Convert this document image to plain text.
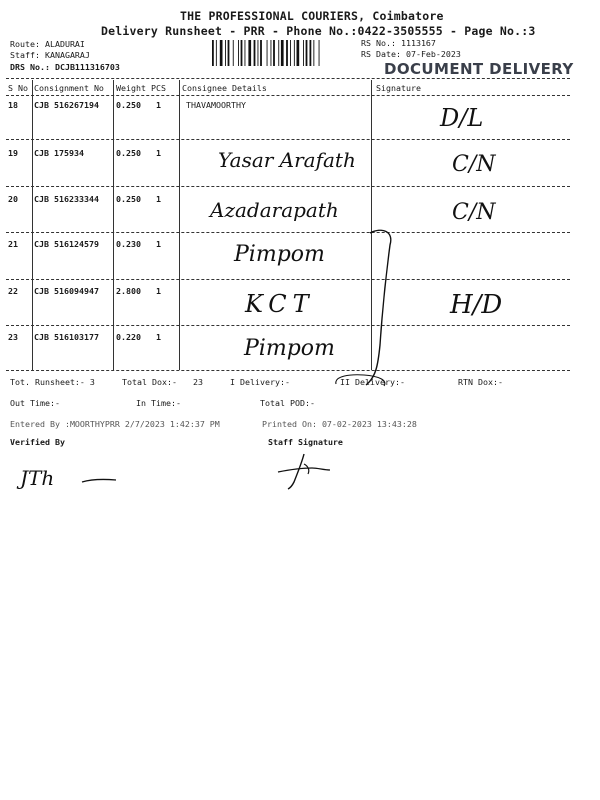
THE PROFESSIONAL COURIERS, Coimbatore
Delivery Runsheet - PRR - Phone No.:0422-3505555 - Page No.:3
Route: ALADURAI
Staff: KANAGARAJ
DRS No.: DCJB111316703
RS No.: 1113167
RS Date: 07-Feb-2023
DOCUMENT DELIVERY
S No Consignment No Weight PCS Consignee Details	Signature
18 CJB 516267194 0.250 1	THAVAMOORTHY	D/L
19 CJB 175934	0.250 1	Yasar Arafath	C/N
20 CJB 516233344 0.250 1 Azadarapath	C/N
21 CJB 516124579 0.230 1	Pimpom
22 CJB 516094947 2.800 1	KCT	H/D
23 CJB 516103177 0.220 1	Pimpom
Tot. Runsheet:- 3	Total Dox:- 23	I Delivery:-	II Delivery:-	RTN Dox:-
Out Time:-	In Time:-	Total POD:-
Entered By :MOORTHYPRR 2/7/2023 1:42:37 PM	Printed On: 07-02-2023 13:43:28
Verified By	Staff Signature
JTh
